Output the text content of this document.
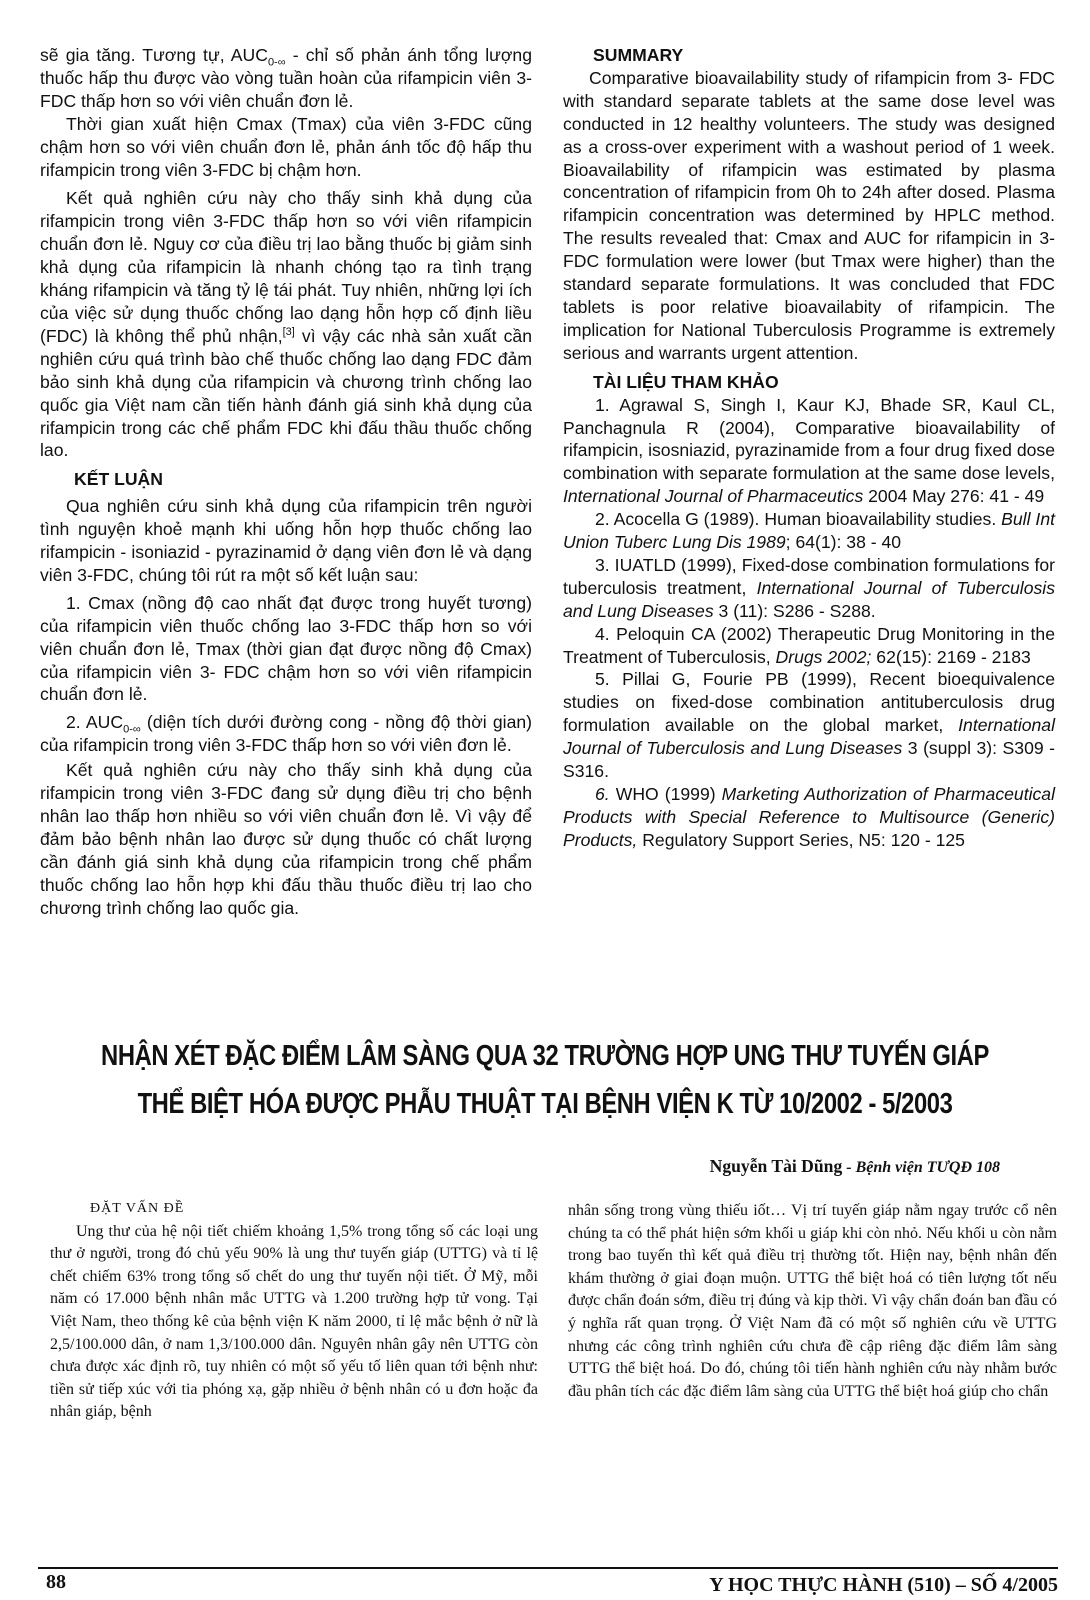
sẽ gia tăng. Tương tự, $AUC_{0-\infty}$ - chỉ số phản ánh tổng lượng thuốc hấp thu được vào vòng tuần hoàn của rifampicin viên 3-FDC thấp hơn so với viên chuẩn đơn lẻ.

Thời gian xuất hiện Cmax (Tmax) của viên 3-FDC cũng chậm hơn so với viên chuẩn đơn lẻ, phản ánh tốc độ hấp thu rifampicin trong viên 3-FDC bị chậm hơn.

Kết quả nghiên cứu này cho thấy sinh khả dụng của rifampicin trong viên 3-FDC thấp hơn so với viên rifampicin chuẩn đơn lẻ. Nguy cơ của điều trị lao bằng thuốc bị giảm sinh khả dụng của rifampicin là nhanh chóng tạo ra tình trạng kháng rifampicin và tăng tỷ lệ tái phát. Tuy nhiên, những lợi ích của việc sử dụng thuốc chống lao dạng hỗn hợp cố định liều (FDC) là không thể phủ nhận,[3] vì vậy các nhà sản xuất cần nghiên cứu quá trình bào chế thuốc chống lao dạng FDC đảm bảo sinh khả dụng của rifampicin và chương trình chống lao quốc gia Việt nam cần tiến hành đánh giá sinh khả dụng của rifampicin trong các chế phẩm FDC khi đấu thầu thuốc chống lao.

KẾT LUẬN

Qua nghiên cứu sinh khả dụng của rifampicin trên người tình nguyện khoẻ mạnh khi uống hỗn hợp thuốc chống lao rifampicin - isoniazid - pyrazinamid ở dạng viên đơn lẻ và dạng viên 3-FDC, chúng tôi rút ra một số kết luận sau:

1. Cmax (nồng độ cao nhất đạt được trong huyết tương) của rifampicin viên thuốc chống lao 3-FDC thấp hơn so với viên chuẩn đơn lẻ, Tmax (thời gian đạt được nồng độ Cmax) của rifampicin viên 3- FDC chậm hơn so với viên rifampicin chuẩn đơn lẻ.

2. $AUC_{0-\infty}$ (diện tích dưới đường cong - nồng độ thời gian) của rifampicin trong viên 3-FDC thấp hơn so với viên đơn lẻ.

Kết quả nghiên cứu này cho thấy sinh khả dụng của rifampicin trong viên 3-FDC đang sử dụng điều trị cho bệnh nhân lao thấp hơn nhiều so với viên chuẩn đơn lẻ. Vì vậy để đảm bảo bệnh nhân lao được sử dụng thuốc có chất lượng cần đánh giá sinh khả dụng của rifampicin trong chế phẩm thuốc chống lao hỗn hợp khi đấu thầu thuốc điều trị lao cho chương trình chống lao quốc gia.

SUMMARY

Comparative bioavailability study of rifampicin from 3- FDC with standard separate tablets at the same dose level was conducted in 12 healthy volunteers. The study was designed as a cross-over experiment with a washout period of 1 week. Bioavailability of rifampicin was estimated by plasma concentration of rifampicin from 0h to 24h after dosed. Plasma rifampicin concentration was determined by HPLC method. The results revealed that: Cmax and AUC for rifampicin in 3-FDC formulation were lower (but Tmax were higher) than the standard separate formulations. It was concluded that FDC tablets is poor relative bioavailabity of rifampicin. The implication for National Tuberculosis Programme is extremely serious and warrants urgent attention.

TÀI LIỆU THAM KHẢO

1. Agrawal S, Singh I, Kaur KJ, Bhade SR, Kaul CL, Panchagnula R (2004), Comparative bioavailability of rifampicin, isosniazid, pyrazinamide from a four drug fixed dose combination with separate formulation at the same dose levels, International Journal of Pharmaceutics 2004 May 276: 41 - 49

2. Acocella G (1989). Human bioavailability studies. Bull Int Union Tuberc Lung Dis 1989; 64(1): 38 - 40

3. IUATLD (1999), Fixed-dose combination formulations for tuberculosis treatment, International Journal of Tuberculosis and Lung Diseases 3 (11): S286 - S288.

4. Peloquin CA (2002) Therapeutic Drug Monitoring in the Treatment of Tuberculosis, Drugs 2002; 62(15): 2169 - 2183

5. Pillai G, Fourie PB (1999), Recent bioequivalence studies on fixed-dose combination antituberculosis drug formulation available on the global market, International Journal of Tuberculosis and Lung Diseases 3 (suppl 3): S309 - S316.

6. WHO (1999) Marketing Authorization of Pharmaceutical Products with Special Reference to Multisource (Generic) Products, Regulatory Support Series, N5: 120 - 125

NHẬN XÉT ĐẶC ĐIỂM LÂM SÀNG QUA 32 TRƯỜNG HỢP UNG THƯ TUYẾN GIÁP
THỂ BIỆT HÓA ĐƯỢC PHẪU THUẬT TẠI BỆNH VIỆN K TỪ 10/2002 - 5/2003
Nguyễn Tài Dũng - Bệnh viện TƯQĐ 108

ĐẶT VẤN ĐỀ

Ung thư của hệ nội tiết chiếm khoảng 1,5% trong tổng số các loại ung thư ở người, trong đó chủ yếu 90% là ung thư tuyến giáp (UTTG) và tỉ lệ chết chiếm 63% trong tổng số chết do ung thư tuyến nội tiết. Ở Mỹ, mỗi năm có 17.000 bệnh nhân mắc UTTG và 1.200 trường hợp tử vong. Tại Việt Nam, theo thống kê của bệnh viện K năm 2000, tỉ lệ mắc bệnh ở nữ là 2,5/100.000 dân, ở nam 1,3/100.000 dân. Nguyên nhân gây nên UTTG còn chưa được xác định rõ, tuy nhiên có một số yếu tố liên quan tới bệnh như: tiền sử tiếp xúc với tia phóng xạ, gặp nhiều ở bệnh nhân có u đơn hoặc đa nhân giáp, bệnh

nhân sống trong vùng thiếu iốt… Vị trí tuyến giáp nằm ngay trước cổ nên chúng ta có thể phát hiện sớm khối u giáp khi còn nhỏ. Nếu khối u còn nằm trong bao tuyến thì kết quả điều trị thường tốt. Hiện nay, bệnh nhân đến khám thường ở giai đoạn muộn. UTTG thể biệt hoá có tiên lượng tốt nếu được chẩn đoán sớm, điều trị đúng và kịp thời. Vì vậy chẩn đoán ban đầu có ý nghĩa rất quan trọng. Ở Việt Nam đã có một số nghiên cứu về UTTG nhưng các công trình nghiên cứu chưa đề cập riêng đặc điểm lâm sàng UTTG thể biệt hoá. Do đó, chúng tôi tiến hành nghiên cứu này nhằm bước đầu phân tích các đặc điểm lâm sàng của UTTG thể biệt hoá giúp cho chẩn

88	Y HỌC THỰC HÀNH (510) – SỐ 4/2005
